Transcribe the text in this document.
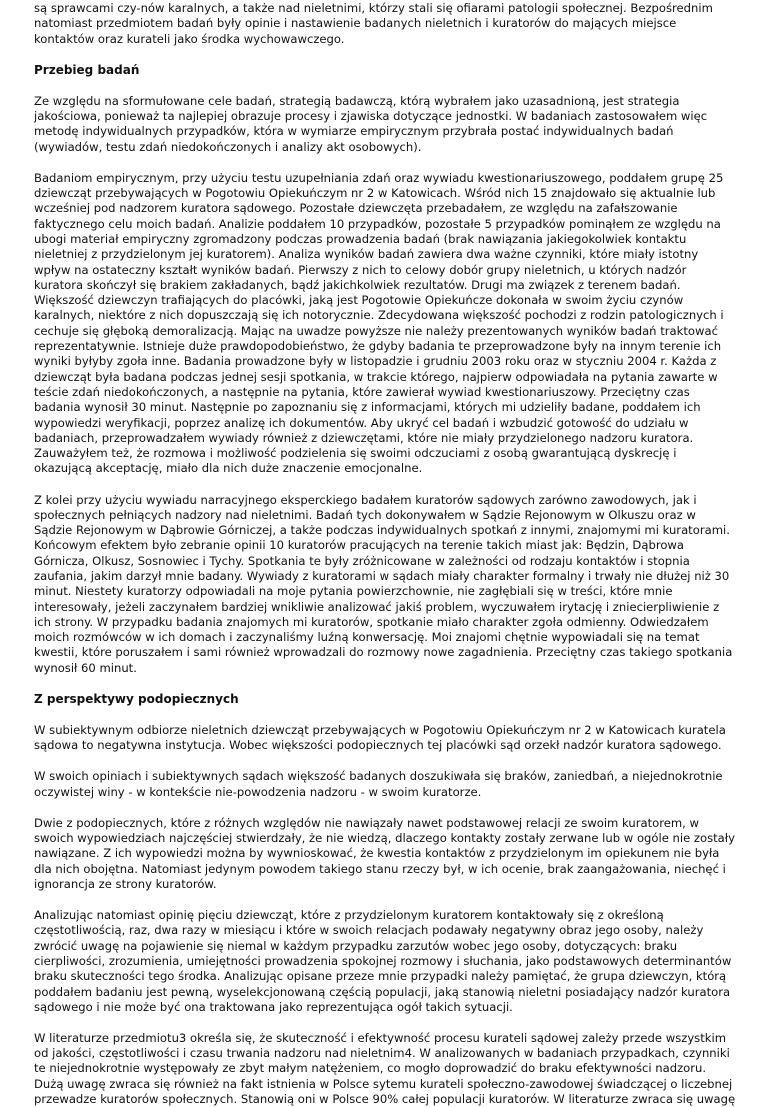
są sprawcami czy-nów karalnych, a także nad nieletnimi, którzy stali się ofiarami patologii społecznej. Bezpośrednim natomiast przedmiotem badań były opinie i nastawienie badanych nieletnich i kuratorów do mających miejsce kontaktów oraz kurateli jako środka wychowawczego.

Przebieg badań

Ze względu na sformułowane cele badań, strategią badawczą, którą wybrałem jako uzasadnioną, jest strategia jakościowa, ponieważ ta najlepiej obrazuje procesy i zjawiska dotyczące jednostki. W badaniach zastosowałem więc metodę indywidualnych przypadków, która w wymiarze empirycznym przybrała postać indywidualnych badań (wywiadów, testu zdań niedokończonych i analizy akt osobowych).

Badaniom empirycznym, przy użyciu testu uzupełniania zdań oraz wywiadu kwestionariuszowego, poddałem grupę 25 dziewcząt przebywających w Pogotowiu Opiekuńczym nr 2 w Katowicach. Wśród nich 15 znajdowało się aktualnie lub wcześniej pod nadzorem kuratora sądowego. Pozostałe dziewczęta przebadałem, ze względu na zafałszowanie faktycznego celu moich badań. Analizie poddałem 10 przypadków, pozostałe 5 przypadków pominąłem ze względu na ubogi materiał empiryczny zgromadzony podczas prowadzenia badań (brak nawiązania jakiegokolwiek kontaktu nieletniej z przydzielonym jej kuratorem). Analiza wyników badań zawiera dwa ważne czynniki, które miały istotny wpływ na ostateczny kształt wyników badań. Pierwszy z nich to celowy dobór grupy nieletnich, u których nadzór kuratora skończył się brakiem zakładanych, bądź jakichkolwiek rezultatów. Drugi ma związek z terenem badań. Większość dziewczyn trafiających do placówki, jaką jest Pogotowie Opiekuńcze dokonała w swoim życiu czynów karalnych, niektóre z nich dopuszczają się ich notorycznie. Zdecydowana większość pochodzi z rodzin patologicznych i cechuje się głęboką demoralizacją. Mając na uwadze powyższe nie należy prezentowanych wyników badań traktować reprezentatywnie. Istnieje duże prawdopodobieństwo, że gdyby badania te przeprowadzone były na innym terenie ich wyniki byłyby zgoła inne. Badania prowadzone były w listopadzie i grudniu 2003 roku oraz w styczniu 2004 r. Każda z dziewcząt była badana podczas jednej sesji spotkania, w trakcie którego, najpierw odpowiadała na pytania zawarte w teście zdań niedokończonych, a następnie na pytania, które zawierał wywiad kwestionariuszowy. Przeciętny czas badania wynosił 30 minut. Następnie po zapoznaniu się z informacjami, których mi udzieliły badane, poddałem ich wypowiedzi weryfikacji, poprzez analizę ich dokumentów. Aby ukryć cel badań i wzbudzić gotowość do udziału w badaniach, przeprowadzałem wywiady również z dziewczętami, które nie miały przydzielonego nadzoru kuratora. Zauważyłem też, że rozmowa i możliwość podzielenia się swoimi odczuciami z osobą gwarantującą dyskrecję i okazującą akceptację, miało dla nich duże znaczenie emocjonalne.

Z kolei przy użyciu wywiadu narracyjnego eksperckiego badałem kuratorów sądowych zarówno zawodowych, jak i społecznych pełniących nadzory nad nieletnimi. Badań tych dokonywałem w Sądzie Rejonowym w Olkuszu oraz w Sądzie Rejonowym w Dąbrowie Górniczej, a także podczas indywidualnych spotkań z innymi, znajomymi mi kuratorami. Końcowym efektem było zebranie opinii 10 kuratorów pracujących na terenie takich miast jak: Będzin, Dąbrowa Górnicza, Olkusz, Sosnowiec i Tychy. Spotkania te były zróżnicowane w zależności od rodzaju kontaktów i stopnia zaufania, jakim darzył mnie badany. Wywiady z kuratorami w sądach miały charakter formalny i trwały nie dłużej niż 30 minut. Niestety kuratorzy odpowiadali na moje pytania powierzchownie, nie zagłębiali się w treści, które mnie interesowały, jeżeli zaczynałem bardziej wnikliwie analizować jakiś problem, wyczuwałem irytację i zniecierpliwienie z ich strony. W przypadku badania znajomych mi kuratorów, spotkanie miało charakter zgoła odmienny. Odwiedzałem moich rozmówców w ich domach i zaczynaliśmy luźną konwersację. Moi znajomi chętnie wypowiadali się na temat kwestii, które poruszałem i sami również wprowadzali do rozmowy nowe zagadnienia. Przeciętny czas takiego spotkania wynosił 60 minut.

Z perspektywy podopiecznych

W subiektywnym odbiorze nieletnich dziewcząt przebywających w Pogotowiu Opiekuńczym nr 2 w Katowicach kuratela sądowa to negatywna instytucja. Wobec większości podopiecznych tej placówki sąd orzekł nadzór kuratora sądowego.

W swoich opiniach i subiektywnych sądach większość badanych doszukiwała się braków, zaniedbań, a niejednokrotnie oczywistej winy - w kontekście nie-powodzenia nadzoru - w swoim kuratorze.

Dwie z podopiecznych, które z różnych względów nie nawiązały nawet podstawowej relacji ze swoim kuratorem, w swoich wypowiedziach najczęściej stwierdzały, że nie wiedzą, dlaczego kontakty zostały zerwane lub w ogóle nie zostały nawiązane. Z ich wypowiedzi można by wywnioskować, że kwestia kontaktów z przydzielonym im opiekunem nie była dla nich obojętna. Natomiast jedynym powodem takiego stanu rzeczy był, w ich ocenie, brak zaangażowania, niechęć i ignorancja ze strony kuratorów.

Analizując natomiast opinię pięciu dziewcząt, które z przydzielonym kuratorem kontaktowały się z określoną częstotliwością, raz, dwa razy w miesiącu i które w swoich relacjach podawały negatywny obraz jego osoby, należy zwrócić uwagę na pojawienie się niemal w każdym przypadku zarzutów wobec jego osoby, dotyczących: braku cierpliwości, zrozumienia, umiejętności prowadzenia spokojnej rozmowy i słuchania, jako podstawowych determinantów braku skuteczności tego środka. Analizując opisane przeze mnie przypadki należy pamiętać, że grupa dziewczyn, którą poddałem badaniu jest pewną, wyselekcjonowaną częścią populacji, jaką stanowią nieletni posiadający nadzór kuratora sądowego i nie może być ona traktowana jako reprezentująca ogół takich sytuacji.

W literaturze przedmiotu3 określa się, że skuteczność i efektywność procesu kurateli sądowej zależy przede wszystkim od jakości, częstotliwości i czasu trwania nadzoru nad nieletnim4. W analizowanych w badaniach przypadkach, czynniki te niejednokrotnie występowały ze zbyt małym natężeniem, co mogło doprowadzić do braku efektywności nadzoru. Dużą uwagę zwraca się również na fakt istnienia w Polsce sytemu kurateli społeczno-zawodowej świadczącej o liczebnej przewadze kuratorów społecznych. Stanowią oni w Polsce 90% całej populacji kuratorów. W literaturze zwraca się uwagę
